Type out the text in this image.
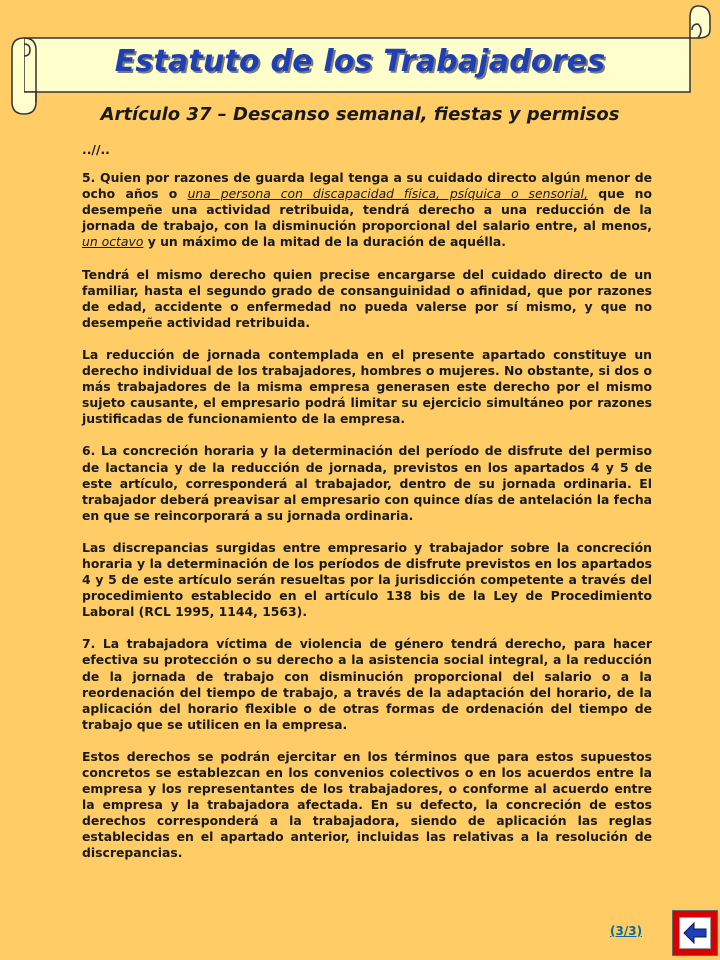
Estatuto de los Trabajadores
Artículo 37 – Descanso semanal, fiestas y permisos

..//..

5. Quien por razones de guarda legal tenga a su cuidado directo algún menor de ocho años o una persona con discapacidad física, psíquica o sensorial, que no desempeñe una actividad retribuida, tendrá derecho a una reducción de la jornada de trabajo, con la disminución proporcional del salario entre, al menos, un octavo y un máximo de la mitad de la duración de aquélla.

Tendrá el mismo derecho quien precise encargarse del cuidado directo de un familiar, hasta el segundo grado de consanguinidad o afinidad, que por razones de edad, accidente o enfermedad no pueda valerse por sí mismo, y que no desempeñe actividad retribuida.

La reducción de jornada contemplada en el presente apartado constituye un derecho individual de los trabajadores, hombres o mujeres. No obstante, si dos o más trabajadores de la misma empresa generasen este derecho por el mismo sujeto causante, el empresario podrá limitar su ejercicio simultáneo por razones justificadas de funcionamiento de la empresa.

6. La concreción horaria y la determinación del período de disfrute del permiso de lactancia y de la reducción de jornada, previstos en los apartados 4 y 5 de este artículo, corresponderá al trabajador, dentro de su jornada ordinaria. El trabajador deberá preavisar al empresario con quince días de antelación la fecha en que se reincorporará a su jornada ordinaria.

Las discrepancias surgidas entre empresario y trabajador sobre la concreción horaria y la determinación de los períodos de disfrute previstos en los apartados 4 y 5 de este artículo serán resueltas por la jurisdicción competente a través del procedimiento establecido en el artículo 138 bis de la Ley de Procedimiento Laboral (RCL 1995, 1144, 1563).

7. La trabajadora víctima de violencia de género tendrá derecho, para hacer efectiva su protección o su derecho a la asistencia social integral, a la reducción de la jornada de trabajo con disminución proporcional del salario o a la reordenación del tiempo de trabajo, a través de la adaptación del horario, de la aplicación del horario flexible o de otras formas de ordenación del tiempo de trabajo que se utilicen en la empresa.

Estos derechos se podrán ejercitar en los términos que para estos supuestos concretos se establezcan en los convenios colectivos o en los acuerdos entre la empresa y los representantes de los trabajadores, o conforme al acuerdo entre la empresa y la trabajadora afectada. En su defecto, la concreción de estos derechos corresponderá a la trabajadora, siendo de aplicación las reglas establecidas en el apartado anterior, incluidas las relativas a la resolución de discrepancias.

(3/3)
